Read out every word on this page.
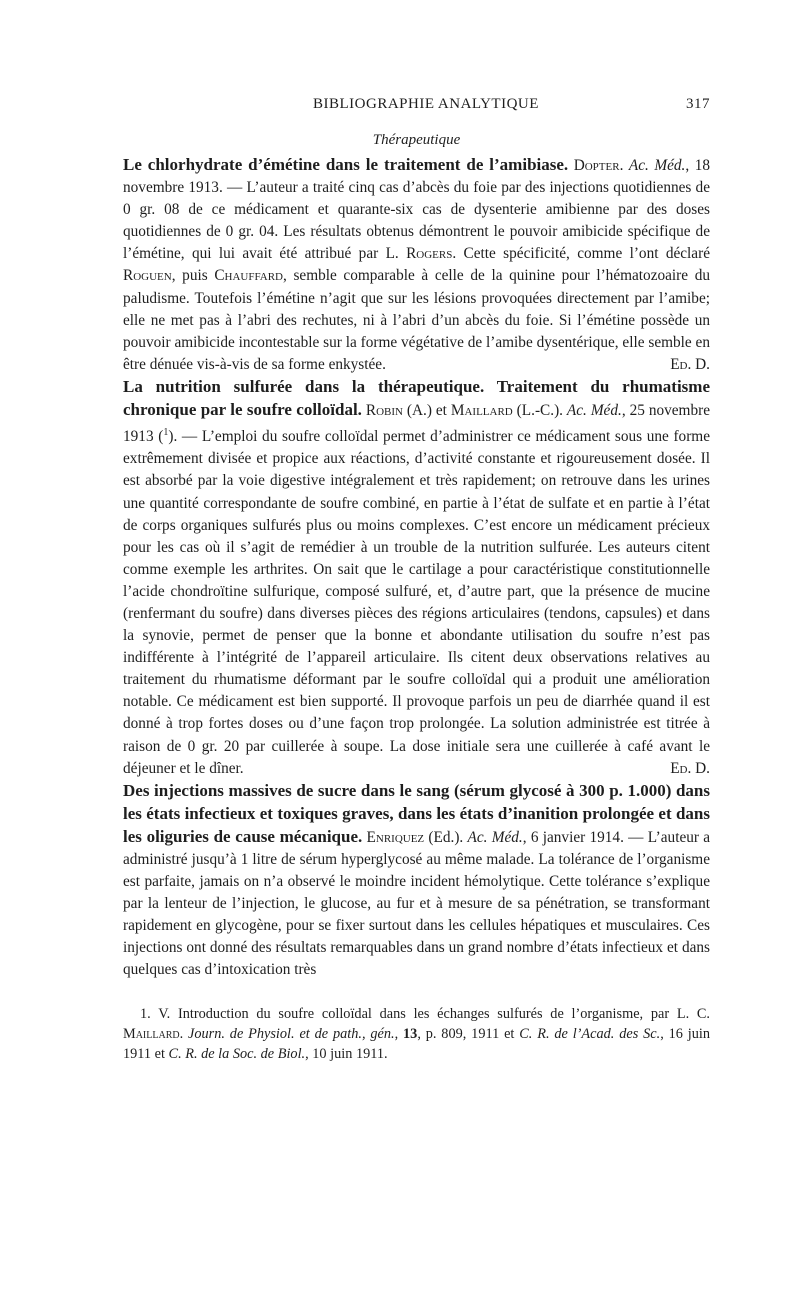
BIBLIOGRAPHIE ANALYTIQUE	317
Thérapeutique

Le chlorhydrate d’émétine dans le traitement de l’amibiase. Dopter. Ac. Méd., 18 novembre 1913. — L’auteur a traité cinq cas d’abcès du foie par des injections quotidiennes de 0 gr. 08 de ce médicament et quarante-six cas de dysenterie amibienne par des doses quotidiennes de 0 gr. 04. Les résultats obtenus démontrent le pouvoir amibicide spécifique de l’émétine, qui lui avait été attribué par L. Rogers. Cette spécificité, comme l’ont déclaré Roguen, puis Chauffard, semble comparable à celle de la quinine pour l’hématozoaire du paludisme. Toutefois l’émétine n’agit que sur les lésions provoquées directement par l’amibe; elle ne met pas à l’abri des rechutes, ni à l’abri d’un abcès du foie. Si l’émétine possède un pouvoir amibicide incontestable sur la forme végétative de l’amibe dysentérique, elle semble en être dénuée vis-à-vis de sa forme enkystée.	Ed. D.

La nutrition sulfurée dans la thérapeutique. Traitement du rhumatisme chronique par le soufre colloïdal. Robin (A.) et Maillard (L.-C.). Ac. Méd., 25 novembre 1913 ($^1$). — L’emploi du soufre colloïdal permet d’administrer ce médicament sous une forme extrêmement divisée et propice aux réactions, d’activité constante et rigoureusement dosée. Il est absorbé par la voie digestive intégralement et très rapidement; on retrouve dans les urines une quantité correspondante de soufre combiné, en partie à l’état de sulfate et en partie à l’état de corps organiques sulfurés plus ou moins complexes. C’est encore un médicament précieux pour les cas où il s’agit de remédier à un trouble de la nutrition sulfurée. Les auteurs citent comme exemple les arthrites. On sait que le cartilage a pour caractéristique constitutionnelle l’acide chondroïtine sulfurique, composé sulfuré, et, d’autre part, que la présence de mucine (renfermant du soufre) dans diverses pièces des régions articulaires (tendons, capsules) et dans la synovie, permet de penser que la bonne et abondante utilisation du soufre n’est pas indifférente à l’intégrité de l’appareil articulaire. Ils citent deux observations relatives au traitement du rhumatisme déformant par le soufre colloïdal qui a produit une amélioration notable. Ce médicament est bien supporté. Il provoque parfois un peu de diarrhée quand il est donné à trop fortes doses ou d’une façon trop prolongée. La solution administrée est titrée à raison de 0 gr. 20 par cuillerée à soupe. La dose initiale sera une cuillerée à café avant le déjeuner et le dîner.	Ed. D.

Des injections massives de sucre dans le sang (sérum glycosé à 300 p. 1.000) dans les états infectieux et toxiques graves, dans les états d’inanition prolongée et dans les oliguries de cause mécanique. Enriquez (Ed.). Ac. Méd., 6 janvier 1914. — L’auteur a administré jusqu’à 1 litre de sérum hyperglycosé au même malade. La tolérance de l’organisme est parfaite, jamais on n’a observé le moindre incident hémolytique. Cette tolérance s’explique par la lenteur de l’injection, le glucose, au fur et à mesure de sa pénétration, se transformant rapidement en glycogène, pour se fixer surtout dans les cellules hépatiques et musculaires. Ces injections ont donné des résultats remarquables dans un grand nombre d’états infectieux et dans quelques cas d’intoxication très

1. V. Introduction du soufre colloïdal dans les échanges sulfurés de l’organisme, par L. C. Maillard. Journ. de Physiol. et de path., gén., 13, p. 809, 1911 et C. R. de l’Acad. des Sc., 16 juin 1911 et C. R. de la Soc. de Biol., 10 juin 1911.
